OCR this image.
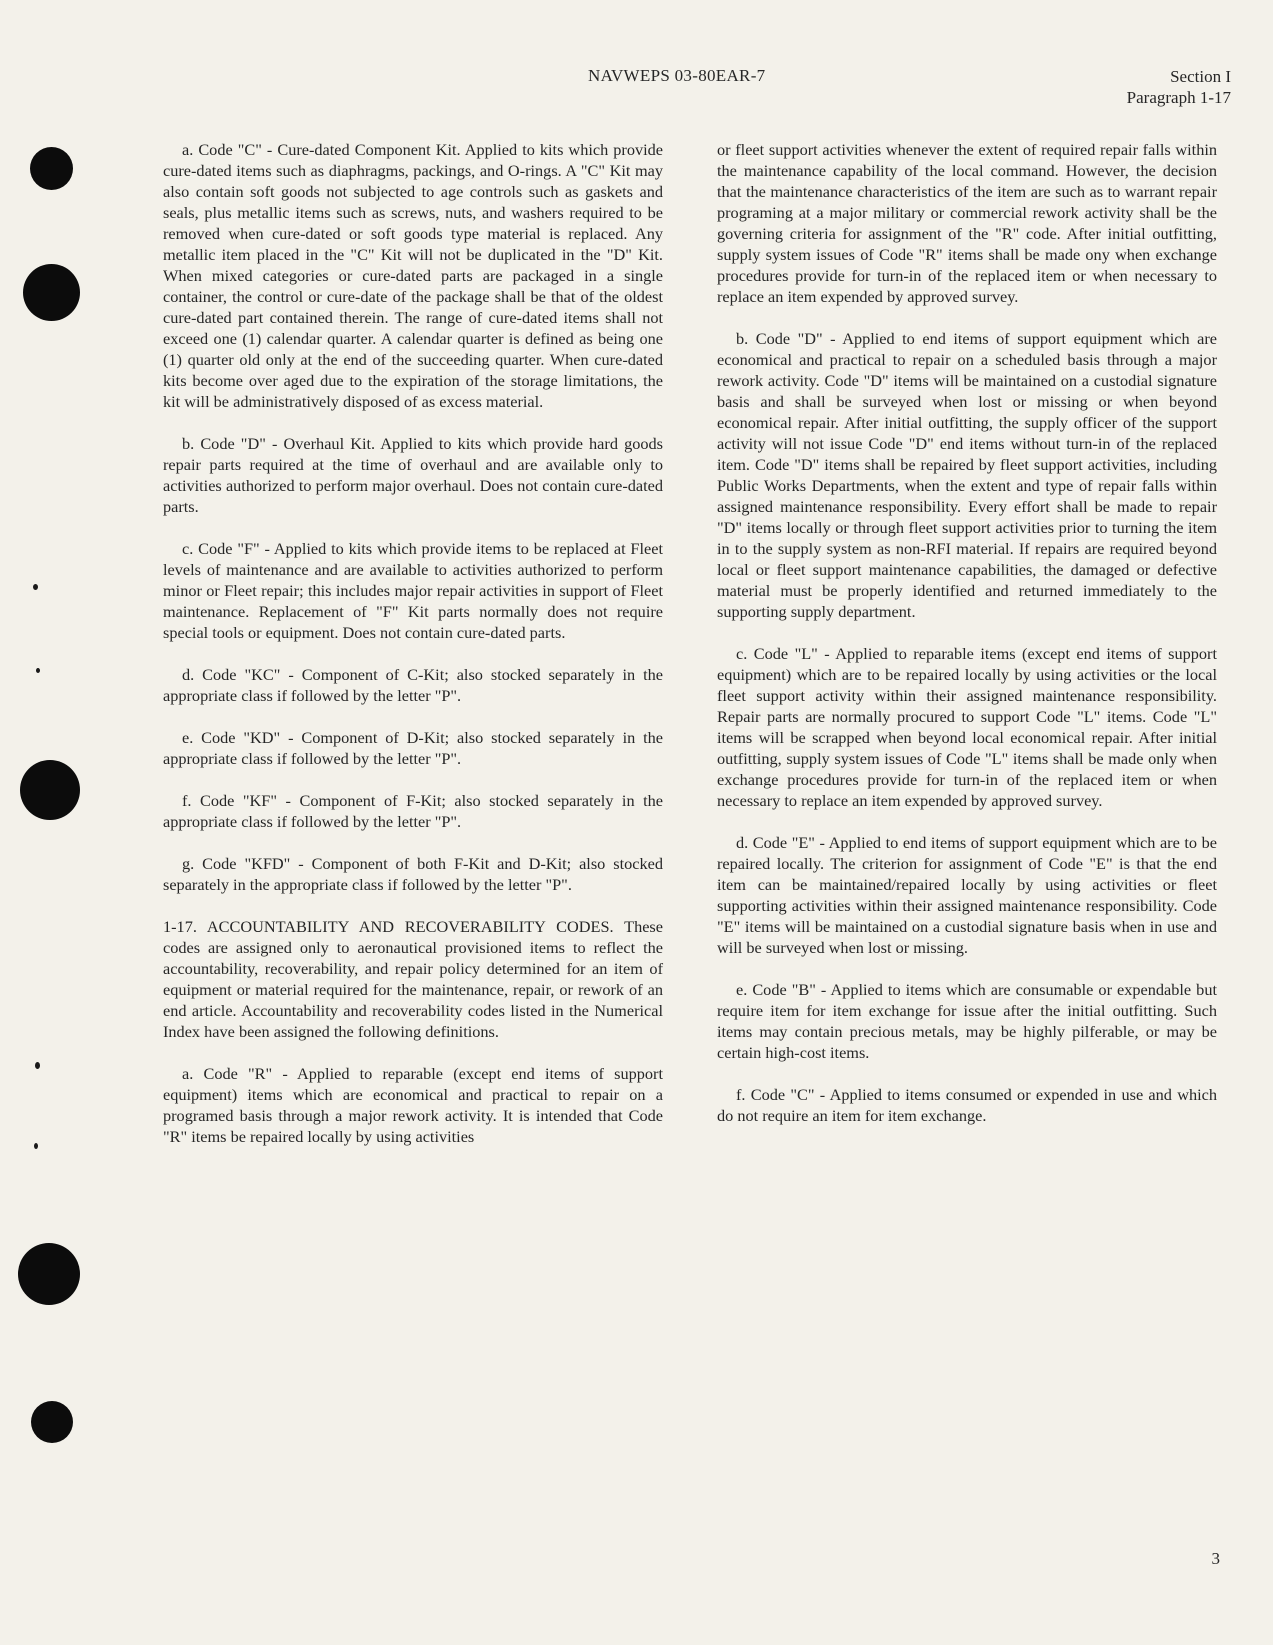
NAVWEPS 03-80EAR-7	Section I
Paragraph 1-17

a. Code "C" - Cure-dated Component Kit. Applied to kits which provide cure-dated items such as diaphragms, packings, and O-rings. A "C" Kit may also contain soft goods not subjected to age controls such as gaskets and seals, plus metallic items such as screws, nuts, and washers required to be removed when cure-dated or soft goods type material is replaced. Any metallic item placed in the "C" Kit will not be duplicated in the "D" Kit. When mixed categories or cure-dated parts are packaged in a single container, the control or cure-date of the package shall be that of the oldest cure-dated part contained therein. The range of cure-dated items shall not exceed one (1) calendar quarter. A calendar quarter is defined as being one (1) quarter old only at the end of the succeeding quarter. When cure-dated kits become over aged due to the expiration of the storage limitations, the kit will be administratively disposed of as excess material.

b. Code "D" - Overhaul Kit. Applied to kits which provide hard goods repair parts required at the time of overhaul and are available only to activities authorized to perform major overhaul. Does not contain cure-dated parts.

c. Code "F" - Applied to kits which provide items to be replaced at Fleet levels of maintenance and are available to activities authorized to perform minor or Fleet repair; this includes major repair activities in support of Fleet maintenance. Replacement of "F" Kit parts normally does not require special tools or equipment. Does not contain cure-dated parts.

d. Code "KC" - Component of C-Kit; also stocked separately in the appropriate class if followed by the letter "P".

e. Code "KD" - Component of D-Kit; also stocked separately in the appropriate class if followed by the letter "P".

f. Code "KF" - Component of F-Kit; also stocked separately in the appropriate class if followed by the letter "P".

g. Code "KFD" - Component of both F-Kit and D-Kit; also stocked separately in the appropriate class if followed by the letter "P".

1-17. ACCOUNTABILITY AND RECOVERABILITY CODES. These codes are assigned only to aeronautical provisioned items to reflect the accountability, recoverability, and repair policy determined for an item of equipment or material required for the maintenance, repair, or rework of an end article. Accountability and recoverability codes listed in the Numerical Index have been assigned the following definitions.

a. Code "R" - Applied to reparable (except end items of support equipment) items which are economical and practical to repair on a programed basis through a major rework activity. It is intended that Code "R" items be repaired locally by using activities

or fleet support activities whenever the extent of required repair falls within the maintenance capability of the local command. However, the decision that the maintenance characteristics of the item are such as to warrant repair programing at a major military or commercial rework activity shall be the governing criteria for assignment of the "R" code. After initial outfitting, supply system issues of Code "R" items shall be made ony when exchange procedures provide for turn-in of the replaced item or when necessary to replace an item expended by approved survey.

b. Code "D" - Applied to end items of support equipment which are economical and practical to repair on a scheduled basis through a major rework activity. Code "D" items will be maintained on a custodial signature basis and shall be surveyed when lost or missing or when beyond economical repair. After initial outfitting, the supply officer of the support activity will not issue Code "D" end items without turn-in of the replaced item. Code "D" items shall be repaired by fleet support activities, including Public Works Departments, when the extent and type of repair falls within assigned maintenance responsibility. Every effort shall be made to repair "D" items locally or through fleet support activities prior to turning the item in to the supply system as non-RFI material. If repairs are required beyond local or fleet support maintenance capabilities, the damaged or defective material must be properly identified and returned immediately to the supporting supply department.

c. Code "L" - Applied to reparable items (except end items of support equipment) which are to be repaired locally by using activities or the local fleet support activity within their assigned maintenance responsibility. Repair parts are normally procured to support Code "L" items. Code "L" items will be scrapped when beyond local economical repair. After initial outfitting, supply system issues of Code "L" items shall be made only when exchange procedures provide for turn-in of the replaced item or when necessary to replace an item expended by approved survey.

d. Code "E" - Applied to end items of support equipment which are to be repaired locally. The criterion for assignment of Code "E" is that the end item can be maintained/repaired locally by using activities or fleet supporting activities within their assigned maintenance responsibility. Code "E" items will be maintained on a custodial signature basis when in use and will be surveyed when lost or missing.

e. Code "B" - Applied to items which are consumable or expendable but require item for item exchange for issue after the initial outfitting. Such items may contain precious metals, may be highly pilferable, or may be certain high-cost items.

f. Code "C" - Applied to items consumed or expended in use and which do not require an item for item exchange.

3
